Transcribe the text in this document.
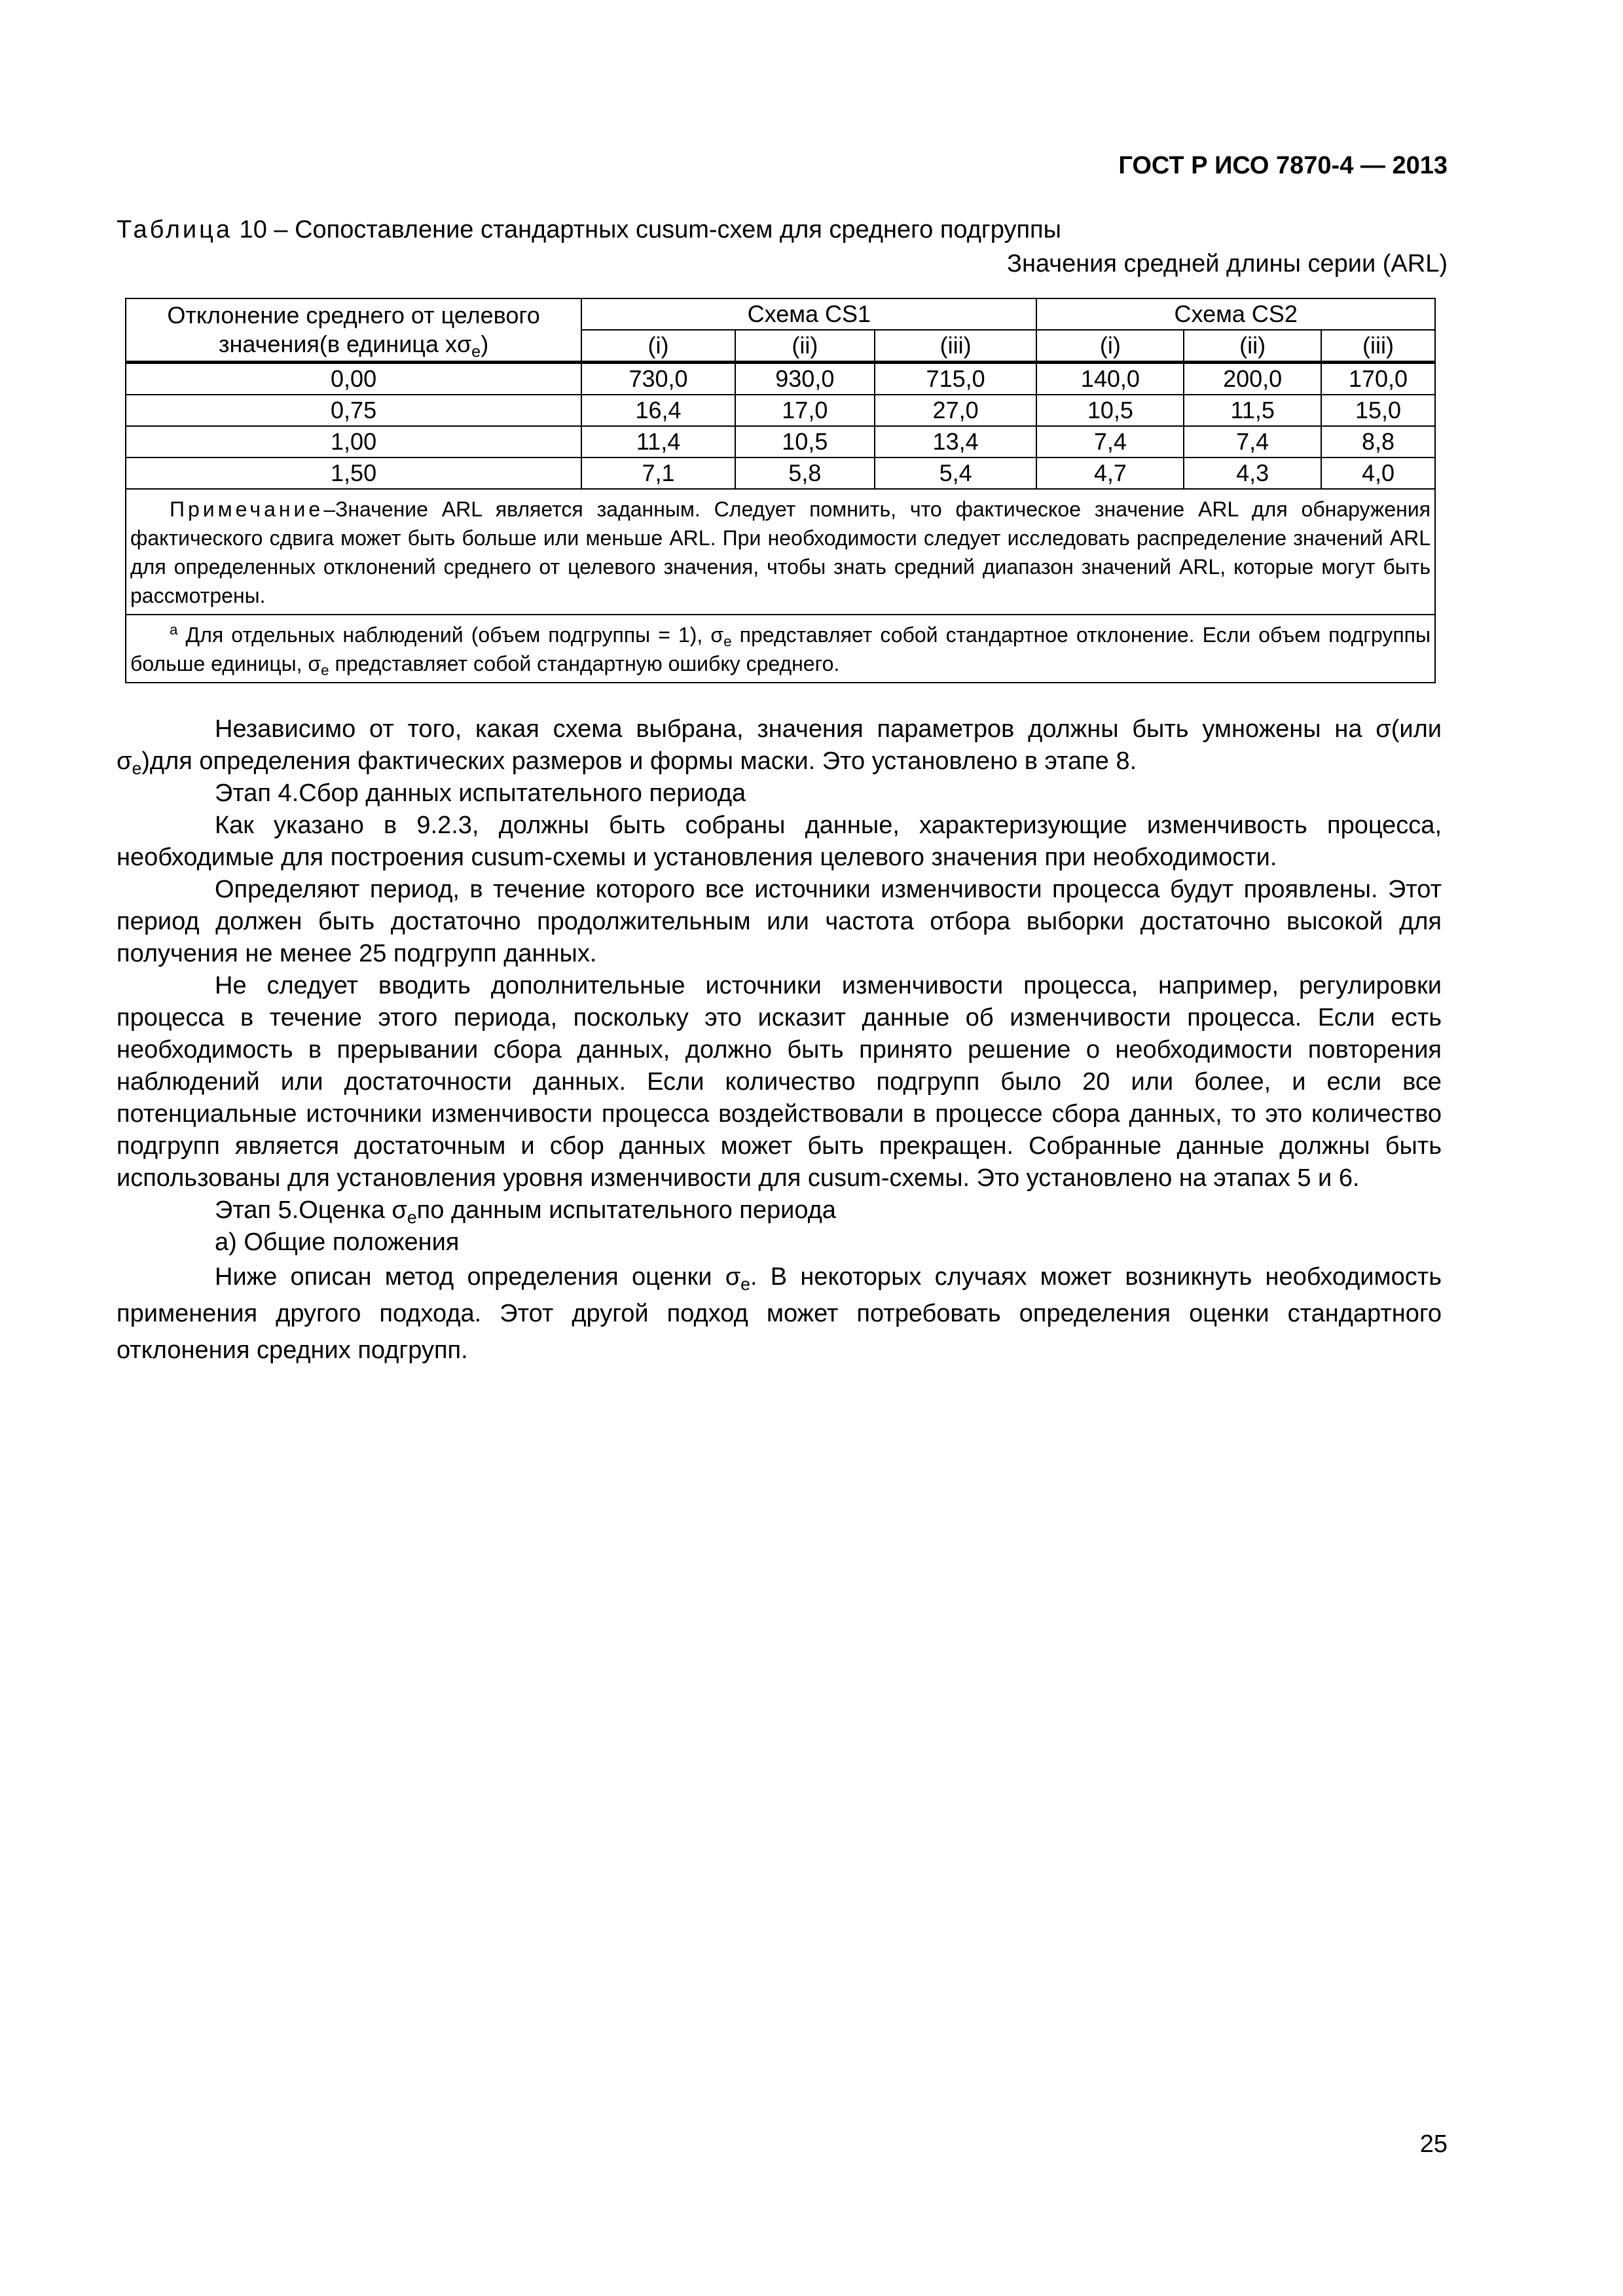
ГОСТ Р ИСО 7870-4 — 2013
Таблица 10 – Сопоставление стандартных cusum-схем для среднего подгруппы
Значения средней длины серии (ARL)
Отклонение среднего от целевого
значения(в единица $х\sigma_е$)	Схема CS1			Схема CS2		
	(i)	(ii)	(iii)	(i)	(ii)	(iii)
0,00	730,0	930,0	715,0	140,0	200,0	170,0
0,75	16,4	17,0	27,0	10,5	11,5	15,0
1,00	11,4	10,5	13,4	7,4	7,4	8,8
1,50	7,1	5,8	5,4	4,7	4,3	4,0
Примечание–Значение ARL является заданным. Следует помнить, что фактическое значение ARL для обнаружения фактического сдвига может быть больше или меньше ARL. При необходимости следует исследовать распределение значений ARL для определенных отклонений среднего от целевого значения, чтобы знать средний диапазон значений ARL, которые могут быть рассмотрены.						
$^a$ Для отдельных наблюдений (объем подгруппы = 1), $\sigma_е$ представляет собой стандартное отклонение. Если объем подгруппы больше единицы, $\sigma_е$ представляет собой стандартную ошибку среднего.						

Независимо от того, какая схема выбрана, значения параметров должны быть умножены на σ(или $\sigma_е)для$ определения фактических размеров и формы маски. Это установлено в этапе 8.

Этап 4.Сбор данных испытательного периода

Как указано в 9.2.3, должны быть собраны данные, характеризующие изменчивость процесса, необходимые для построения cusum-схемы и установления целевого значения при необходимости.

Определяют период, в течение которого все источники изменчивости процесса будут проявлены. Этот период должен быть достаточно продолжительным или частота отбора выборки достаточно высокой для получения не менее 25 подгрупп данных.

Не следует вводить дополнительные источники изменчивости процесса, например, регулировки процесса в течение этого периода, поскольку это исказит данные об изменчивости процесса. Если есть необходимость в прерывании сбора данных, должно быть принято решение о необходимости повторения наблюдений или достаточности данных. Если количество подгрупп было 20 или более, и если все потенциальные источники изменчивости процесса воздействовали в процессе сбора данных, то это количество подгрупп является достаточным и сбор данных может быть прекращен. Собранные данные должны быть использованы для установления уровня изменчивости для cusum-схемы. Это установлено на этапах 5 и 6.

Этап 5.Оценка $\sigma_епо$ данным испытательного периода

а) Общие положения

Ниже описан метод определения оценки $\sigma_е$. В некоторых случаях может возникнуть необходимость применения другого подхода. Этот другой подход может потребовать определения оценки стандартного отклонения средних подгрупп.

25
